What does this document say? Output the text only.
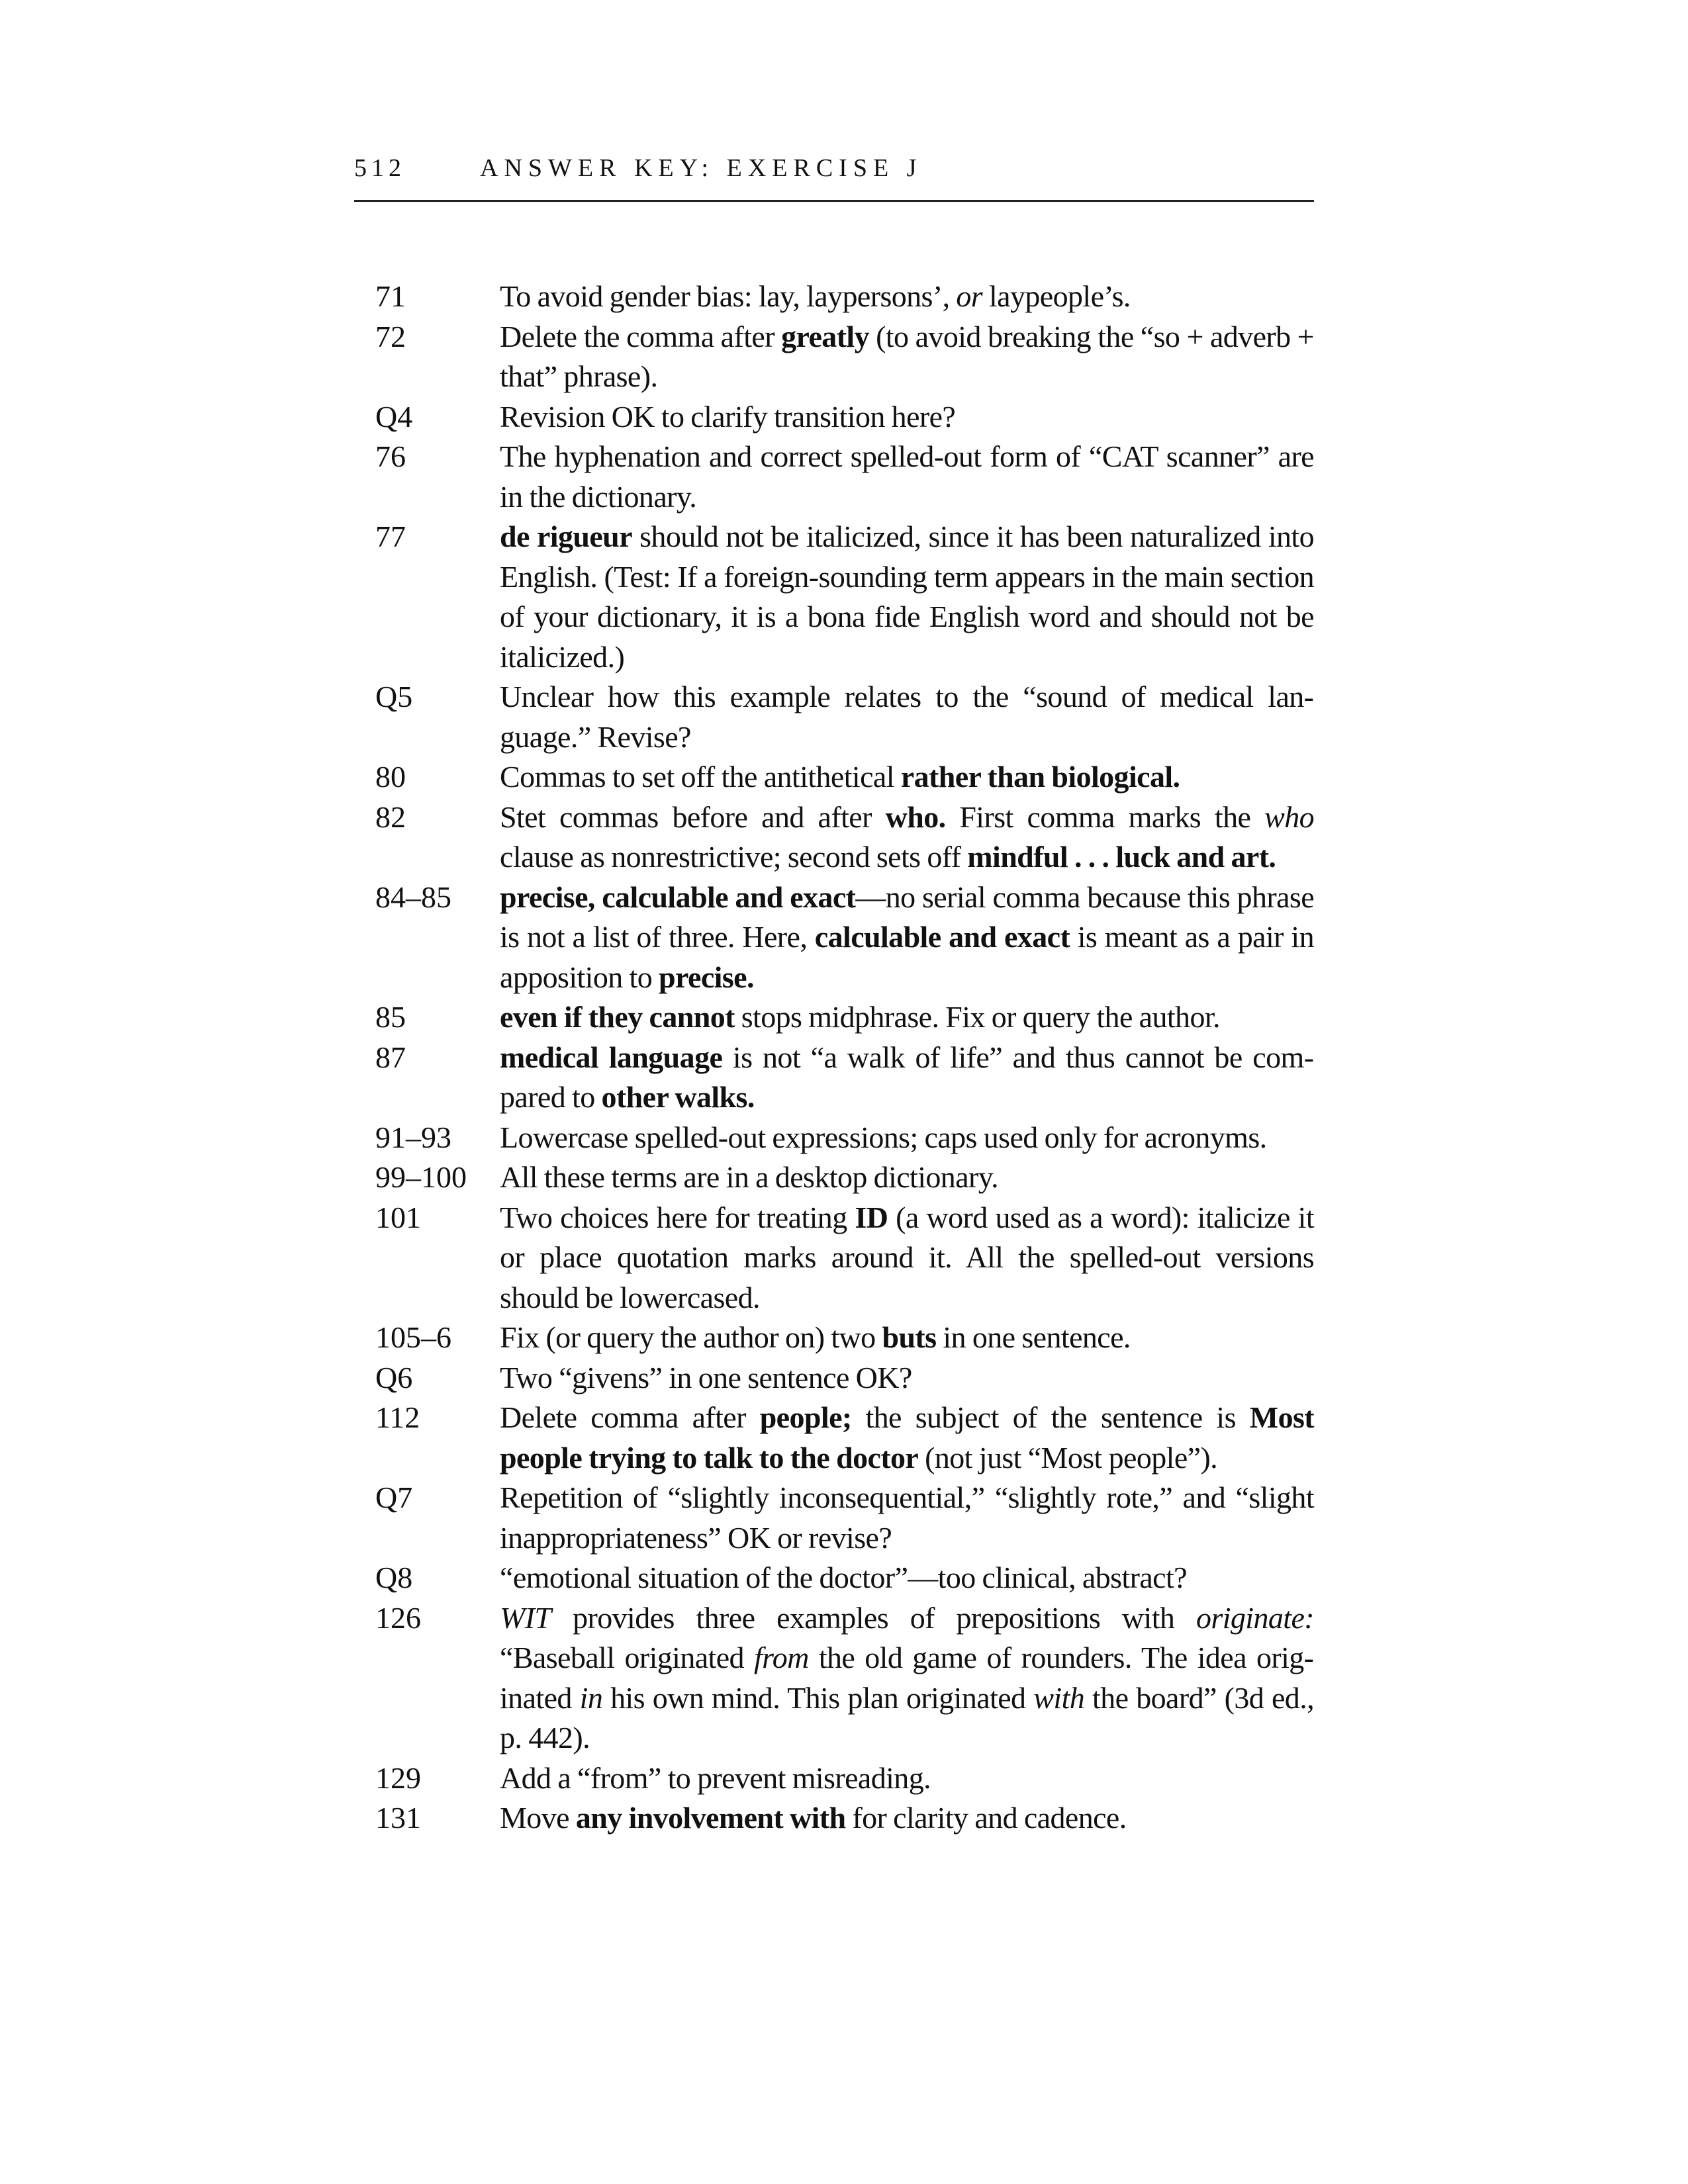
512	ANSWER KEY: EXERCISE J
71	To avoid gender bias: lay, laypersons’, or laypeople’s.
72	Delete the comma after greatly (to avoid breaking the “so + adverb + that” phrase).
Q4	Revision OK to clarify transition here?
76	The hyphenation and correct spelled-out form of “CAT scanner” are in the dictionary.
77	de rigueur should not be italicized, since it has been naturalized into English. (Test: If a foreign-sounding term appears in the main section of your dictionary, it is a bona fide English word and should not be italicized.)
Q5	Unclear how this example relates to the “sound of medical language.” Revise?
80	Commas to set off the antithetical rather than biological.
82	Stet commas before and after who. First comma marks the who clause as nonrestrictive; second sets off mindful . . . luck and art.
84–85	precise, calculable and exact—no serial comma because this phrase is not a list of three. Here, calculable and exact is meant as a pair in apposition to precise.
85	even if they cannot stops midphrase. Fix or query the author.
87	medical language is not “a walk of life” and thus cannot be compared to other walks.
91–93	Lowercase spelled-out expressions; caps used only for acronyms.
99–100	All these terms are in a desktop dictionary.
101	Two choices here for treating ID (a word used as a word): italicize it or place quotation marks around it. All the spelled-out versions should be lowercased.
105–6	Fix (or query the author on) two buts in one sentence.
Q6	Two “givens” in one sentence OK?
112	Delete comma after people; the subject of the sentence is Most people trying to talk to the doctor (not just “Most people”).
Q7	Repetition of “slightly inconsequential,” “slightly rote,” and “slight inappropriateness” OK or revise?
Q8	“emotional situation of the doctor”—too clinical, abstract?
126	WIT provides three examples of prepositions with originate: “Baseball originated from the old game of rounders. The idea originated in his own mind. This plan originated with the board” (3d ed., p. 442).
129	Add a “from” to prevent misreading.
131	Move any involvement with for clarity and cadence.
